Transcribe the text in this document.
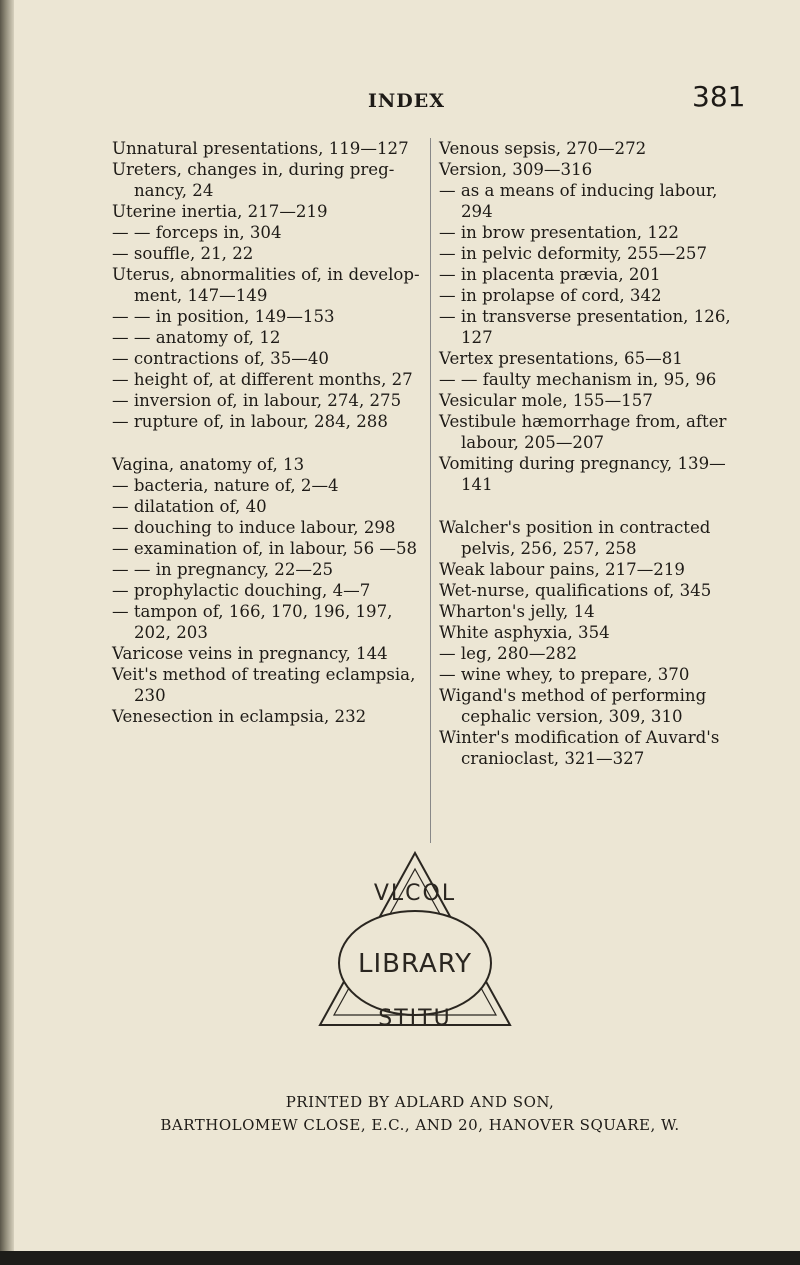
INDEX	381

Unnatural presentations, 119—127

Ureters, changes in, during preg- nancy, 24

Uterine inertia, 217—219

— — forceps in, 304

— souffle, 21, 22

Uterus, abnormalities of, in develop- ment, 147—149

— — in position, 149—153

— — anatomy of, 12

— contractions of, 35—40

— height of, at different months, 27

— inversion of, in labour, 274, 275

— rupture of, in labour, 284, 288

Vagina, anatomy of, 13

— bacteria, nature of, 2—4

— dilatation of, 40

— douching to induce labour, 298

— examination of, in labour, 56 —58

— — in pregnancy, 22—25

— prophylactic douching, 4—7

— tampon of, 166, 170, 196, 197, 202, 203

Varicose veins in pregnancy, 144

Veit's method of treating eclampsia, 230

Venesection in eclampsia, 232

Venous sepsis, 270—272

Version, 309—316

— as a means of inducing labour, 294

— in brow presentation, 122

— in pelvic deformity, 255—257

— in placenta prævia, 201

— in prolapse of cord, 342

— in transverse presentation, 126, 127

Vertex presentations, 65—81

— — faulty mechanism in, 95, 96

Vesicular mole, 155—157

Vestibule hæmorrhage from, after labour, 205—207

Vomiting during pregnancy, 139— 141

Walcher's position in contracted pelvis, 256, 257, 258

Weak labour pains, 217—219

Wet-nurse, qualifications of, 345

Wharton's jelly, 14

White asphyxia, 354

— leg, 280—282

— wine whey, to prepare, 370

Wigand's method of performing cephalic version, 309, 310

Winter's modification of Auvard's cranioclast, 321—327

VLCOL
LIBRARY
STITU
PRINTED BY ADLARD AND SON,
BARTHOLOMEW CLOSE, E.C., AND 20, HANOVER SQUARE, W.
